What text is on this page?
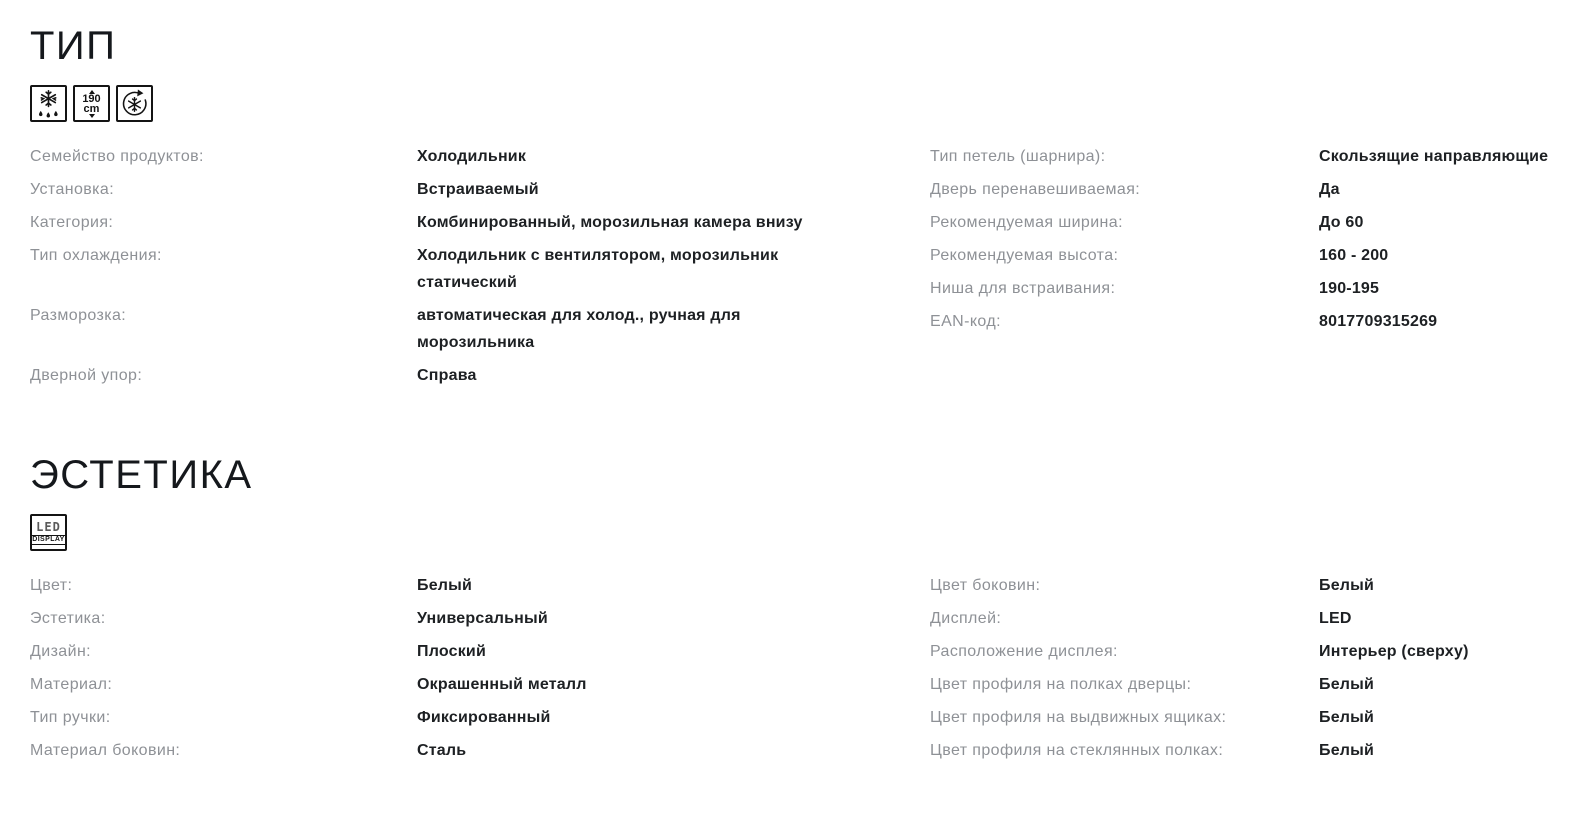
ТИП
190
cm
Семейство продуктов:	Холодильник
Установка:	Встраиваемый
Категория:	Комбинированный, морозильная камера внизу
Тип охлаждения:	Холодильник с вентилятором, морозильник статический
Разморозка:	автоматическая для холод., ручная для морозильника
Дверной упор:	Справа
Тип петель (шарнира):	Скользящие направляющие
Дверь перенавешиваемая:	Да
Рекомендуемая ширина:	До 60
Рекомендуемая высота:	160 - 200
Ниша для встраивания:	190-195
EAN-код:	8017709315269
ЭСТЕТИКА
LED
DISPLAY
Цвет:	Белый
Эстетика:	Универсальный
Дизайн:	Плоский
Материал:	Окрашенный металл
Тип ручки:	Фиксированный
Материал боковин:	Сталь
Цвет боковин:	Белый
Дисплей:	LED
Расположение дисплея:	Интерьер (сверху)
Цвет профиля на полках дверцы:	Белый
Цвет профиля на выдвижных ящиках:	Белый
Цвет профиля на стеклянных полках:	Белый
